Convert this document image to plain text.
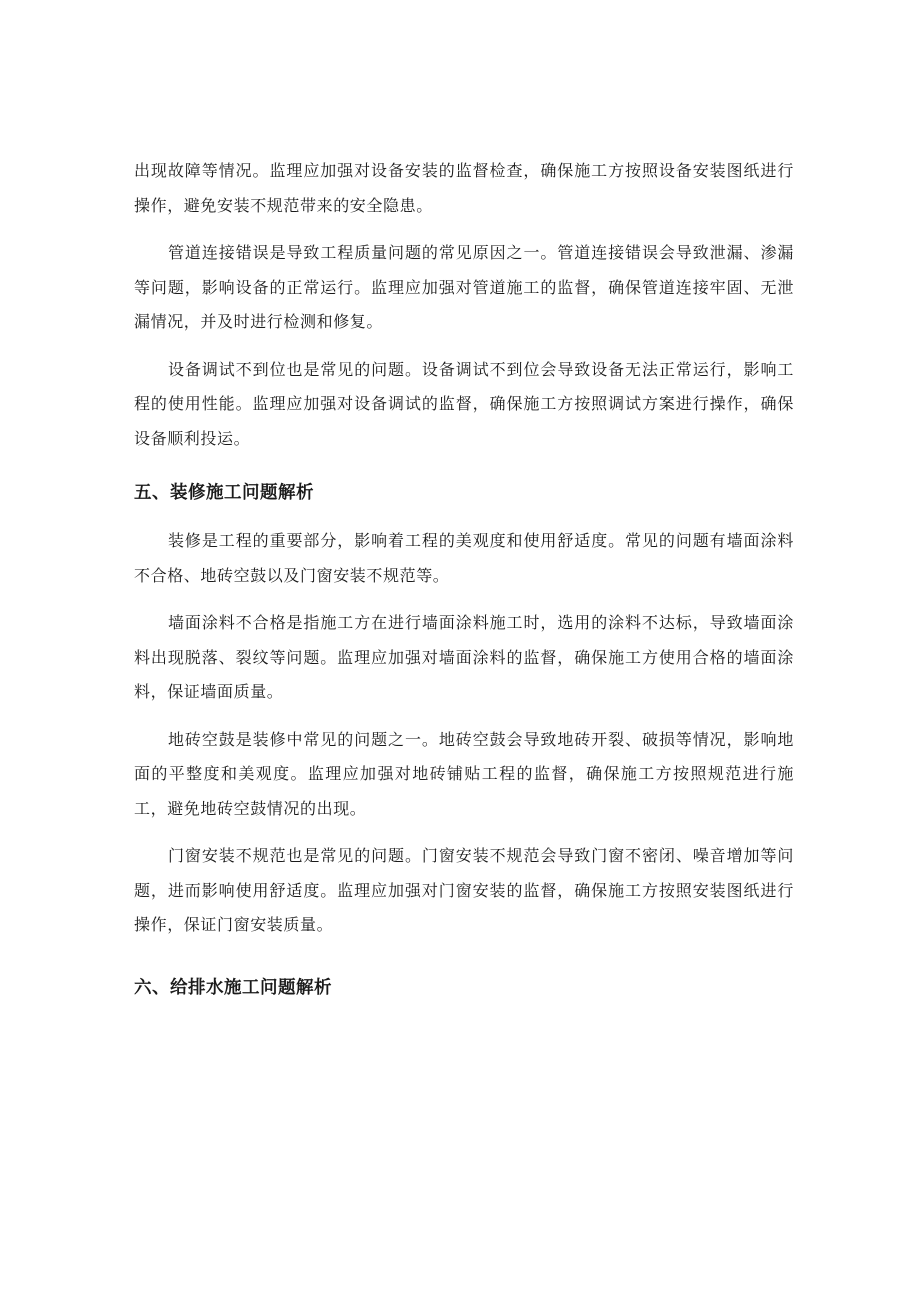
出现故障等情况。监理应加强对设备安装的监督检查，确保施工方按照设备安装图纸进行操作，避免安装不规范带来的安全隐患。

管道连接错误是导致工程质量问题的常见原因之一。管道连接错误会导致泄漏、渗漏等问题，影响设备的正常运行。监理应加强对管道施工的监督，确保管道连接牢固、无泄漏情况，并及时进行检测和修复。

设备调试不到位也是常见的问题。设备调试不到位会导致设备无法正常运行，影响工程的使用性能。监理应加强对设备调试的监督，确保施工方按照调试方案进行操作，确保设备顺利投运。

五、装修施工问题解析

装修是工程的重要部分，影响着工程的美观度和使用舒适度。常见的问题有墙面涂料不合格、地砖空鼓以及门窗安装不规范等。

墙面涂料不合格是指施工方在进行墙面涂料施工时，选用的涂料不达标，导致墙面涂料出现脱落、裂纹等问题。监理应加强对墙面涂料的监督，确保施工方使用合格的墙面涂料，保证墙面质量。

地砖空鼓是装修中常见的问题之一。地砖空鼓会导致地砖开裂、破损等情况，影响地面的平整度和美观度。监理应加强对地砖铺贴工程的监督，确保施工方按照规范进行施工，避免地砖空鼓情况的出现。

门窗安装不规范也是常见的问题。门窗安装不规范会导致门窗不密闭、噪音增加等问题，进而影响使用舒适度。监理应加强对门窗安装的监督，确保施工方按照安装图纸进行操作，保证门窗安装质量。

六、给排水施工问题解析
